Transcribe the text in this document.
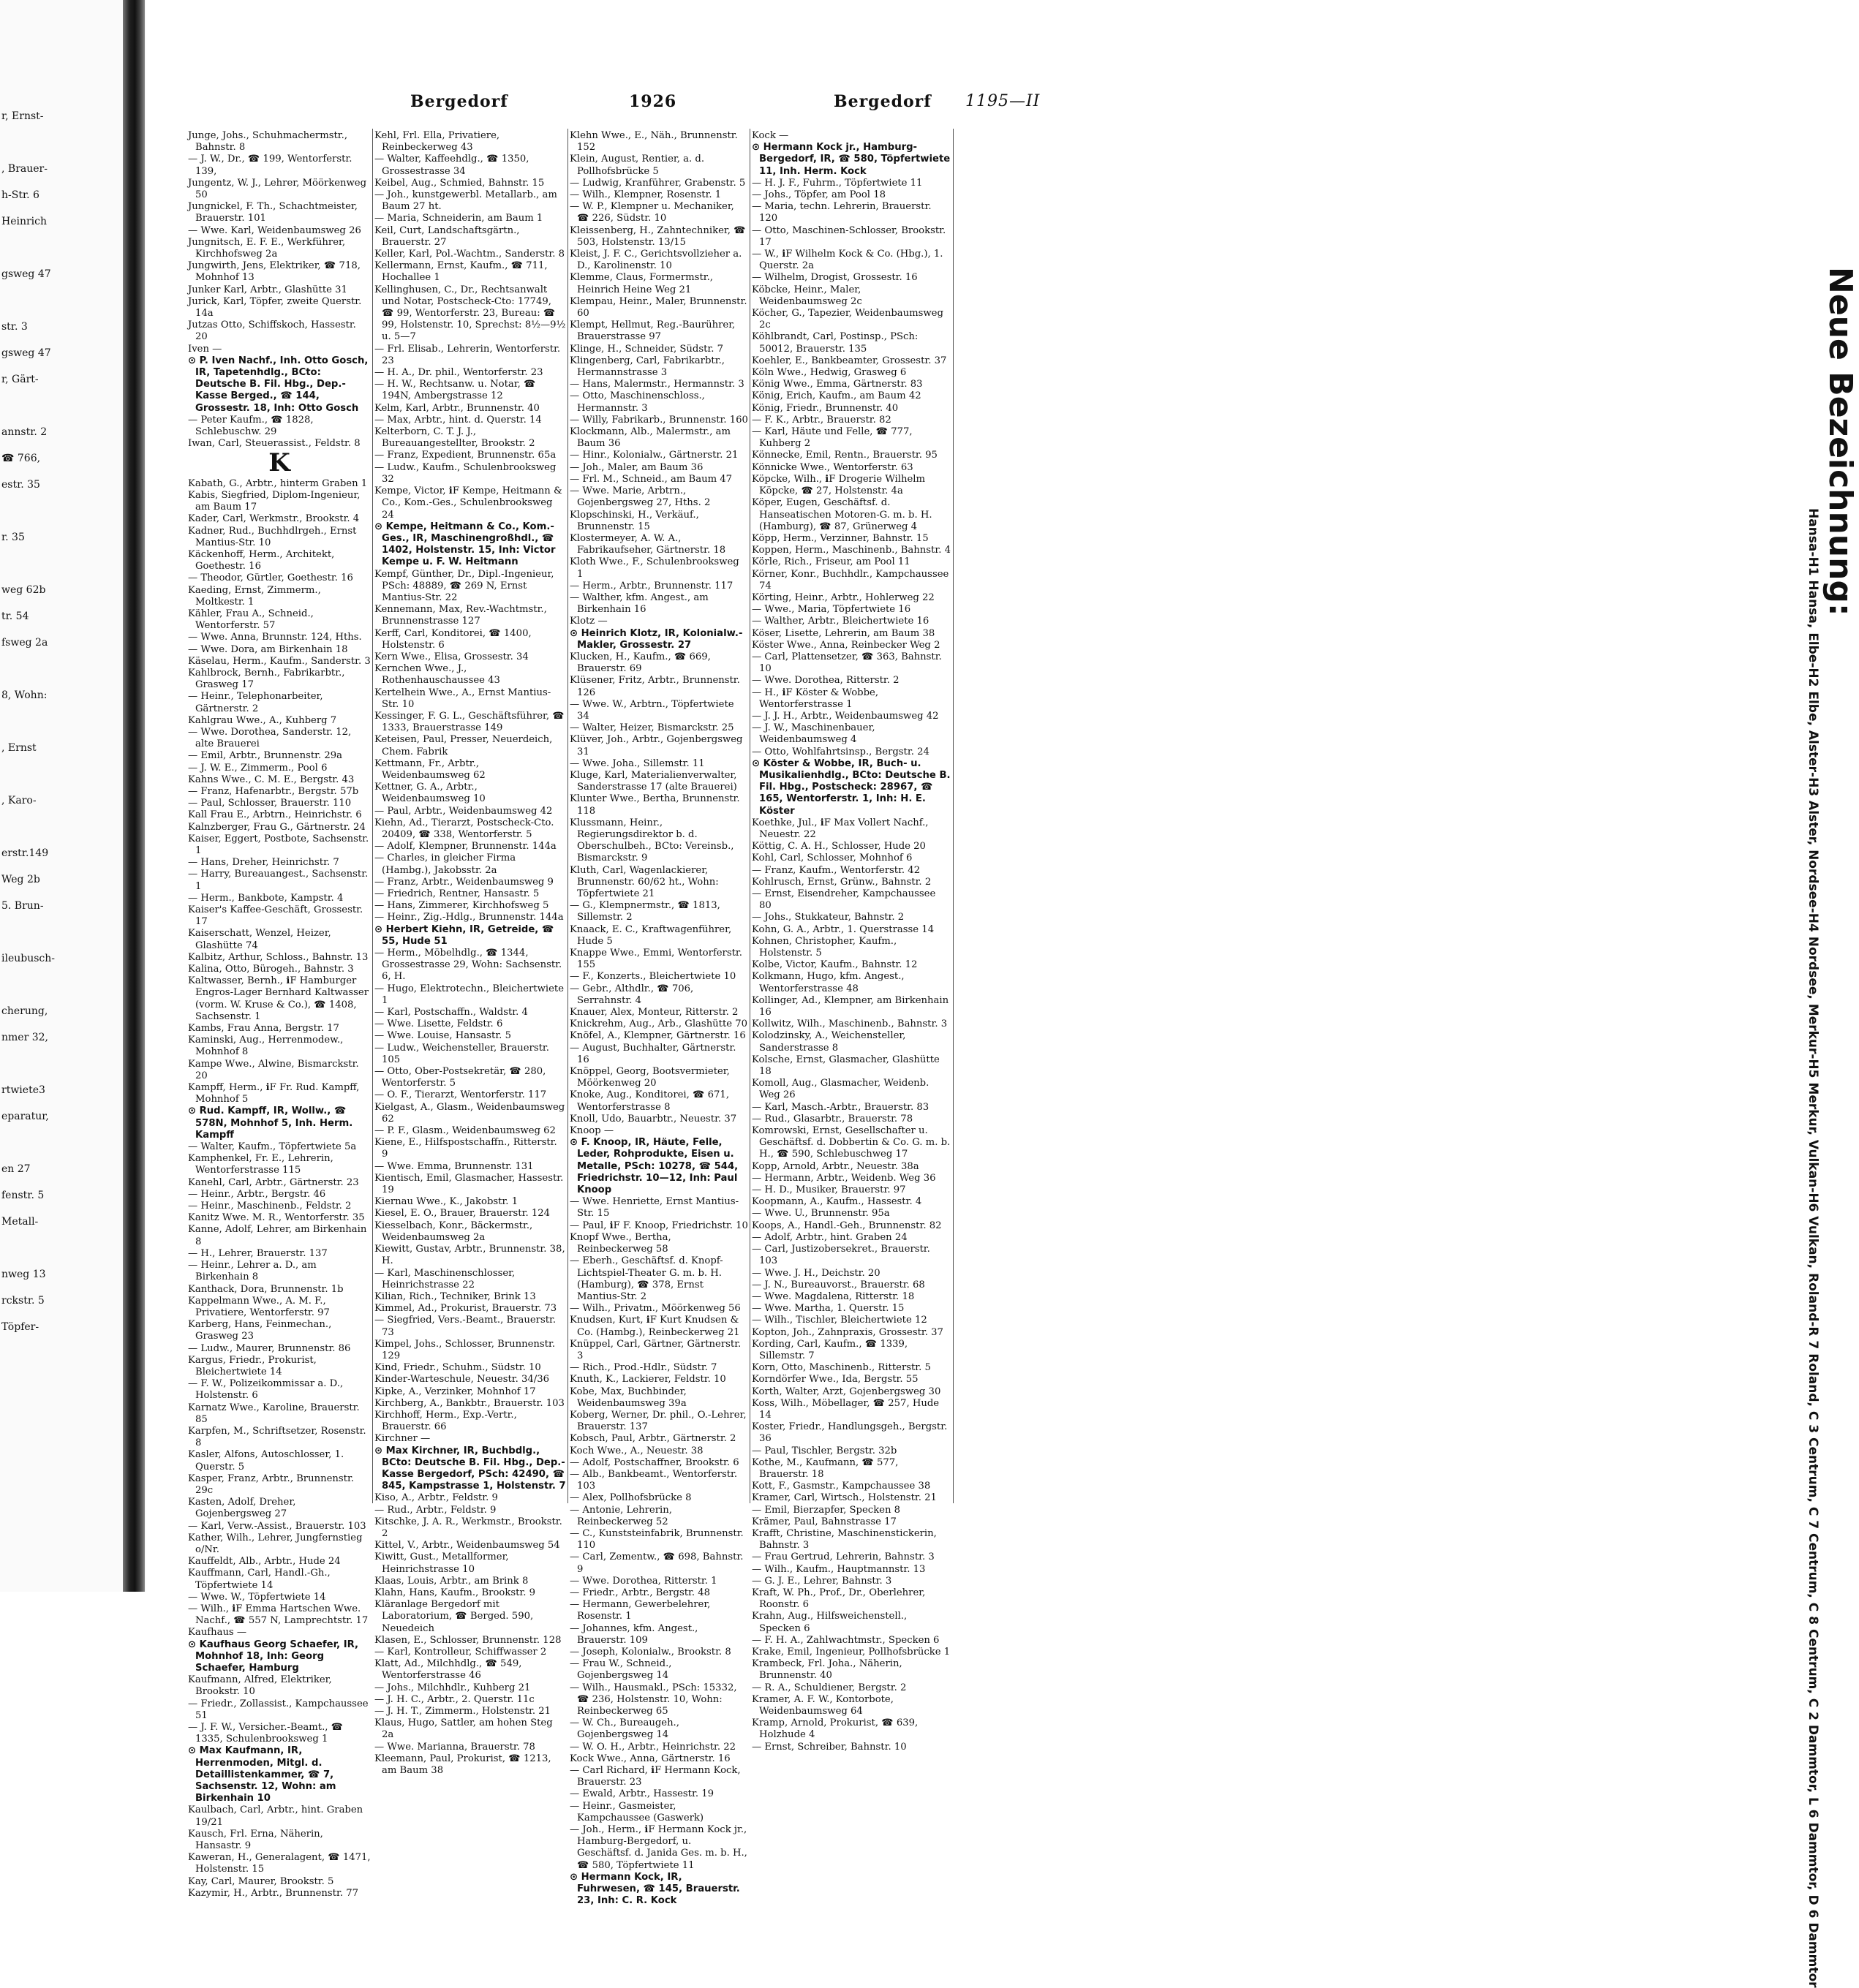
r, Ernst-
, Brauer-
h-Str. 6
Heinrich
gsweg 47
str. 3
gsweg 47
r, Gärt-
annstr. 2
☎ 766,
estr. 35
r. 35
weg 62b
tr. 54
fsweg 2a
8, Wohn:
, Ernst
, Karo-
erstr.149
Weg 2b
5. Brun-
ileubusch-
cherung,
nmer 32,
rtwiete3
eparatur,
en 27
fenstr. 5
Metall-
nweg 13
rckstr. 5
Töpfer-
Bergedorf	1926	Bergedorf 1195—II

Junge, Johs., Schuhmachermstr., Bahnstr. 8

— J. W., Dr., ☎ 199, Wentorferstr. 139,

Jungentz, W. J., Lehrer, Möörkenweg 50

Jungnickel, F. Th., Schachtmeister, Brauerstr. 101

— Wwe. Karl, Weidenbaumsweg 26

Jungnitsch, E. F. E., Werkführer, Kirchhofsweg 2a

Jungwirth, Jens, Elektriker, ☎ 718, Mohnhof 13

Junker Karl, Arbtr., Glashütte 31

Jurick, Karl, Töpfer, zweite Querstr. 14a

Jutzas Otto, Schiffskoch, Hassestr. 20

Iven —

⊙ P. Iven Nachf., Inh. Otto Gosch, IR, Tapetenhdlg., BCto: Deutsche B. Fil. Hbg., Dep.-Kasse Berged., ☎ 144, Grossestr. 18, Inh: Otto Gosch

— Peter Kaufm., ☎ 1828, Schlebuschw. 29

Iwan, Carl, Steuerassist., Feldstr. 8

K

Kabath, G., Arbtr., hinterm Graben 1

Kabis, Siegfried, Diplom-Ingenieur, am Baum 17

Kader, Carl, Werkmstr., Brookstr. 4

Kadner, Rud., Buchhdlrgeh., Ernst Mantius-Str. 10

Käckenhoff, Herm., Architekt, Goethestr. 16

— Theodor, Gürtler, Goethestr. 16

Kaeding, Ernst, Zimmerm., Moltkestr. 1

Kähler, Frau A., Schneid., Wentorferstr. 57

— Wwe. Anna, Brunnstr. 124, Hths.

— Wwe. Dora, am Birkenhain 18

Käselau, Herm., Kaufm., Sanderstr. 3

Kahlbrock, Bernh., Fabrikarbtr., Grasweg 17

— Heinr., Telephonarbeiter, Gärtnerstr. 2

Kahlgrau Wwe., A., Kuhberg 7

— Wwe. Dorothea, Sanderstr. 12, alte Brauerei

— Emil, Arbtr., Brunnenstr. 29a

— J. W. E., Zimmerm., Pool 6

Kahns Wwe., C. M. E., Bergstr. 43

— Franz, Hafenarbtr., Bergstr. 57b

— Paul, Schlosser, Brauerstr. 110

Kall Frau E., Arbtrn., Heinrichstr. 6

Kalnzberger, Frau G., Gärtnerstr. 24

Kaiser, Eggert, Postbote, Sachsenstr. 1

— Hans, Dreher, Heinrichstr. 7

— Harry, Bureauangest., Sachsenstr. 1

— Herm., Bankbote, Kampstr. 4

Kaiser's Kaffee-Geschäft, Grossestr. 17

Kaiserschatt, Wenzel, Heizer, Glashütte 74

Kalbitz, Arthur, Schloss., Bahnstr. 13

Kalina, Otto, Bürogeh., Bahnstr. 3

Kaltwasser, Bernh., ℹF Hamburger Engros-Lager Bernhard Kaltwasser (vorm. W. Kruse & Co.), ☎ 1408, Sachsenstr. 1

Kambs, Frau Anna, Bergstr. 17

Kaminski, Aug., Herrenmodew., Mohnhof 8

Kampe Wwe., Alwine, Bismarckstr. 20

Kampff, Herm., ℹF Fr. Rud. Kampff, Mohnhof 5

⊙ Rud. Kampff, IR, Wollw., ☎ 578N, Mohnhof 5, Inh. Herm. Kampff

— Walter, Kaufm., Töpfertwiete 5a

Kamphenkel, Fr. E., Lehrerin, Wentorferstrasse 115

Kanehl, Carl, Arbtr., Gärtnerstr. 23

— Heinr., Arbtr., Bergstr. 46

— Heinr., Maschinenb., Feldstr. 2

Kanitz Wwe. M. R., Wentorferstr. 35

Kanne, Adolf, Lehrer, am Birkenhain 8

— H., Lehrer, Brauerstr. 137

— Heinr., Lehrer a. D., am Birkenhain 8

Kanthack, Dora, Brunnenstr. 1b

Kappelmann Wwe., A. M. F., Privatiere, Wentorferstr. 97

Karberg, Hans, Feinmechan., Grasweg 23

— Ludw., Maurer, Brunnenstr. 86

Kargus, Friedr., Prokurist, Bleichertwiete 14

— F. W., Polizeikommissar a. D., Holstenstr. 6

Karnatz Wwe., Karoline, Brauerstr. 85

Karpfen, M., Schriftsetzer, Rosenstr. 8

Kasler, Alfons, Autoschlosser, 1. Querstr. 5

Kasper, Franz, Arbtr., Brunnenstr. 29c

Kasten, Adolf, Dreher, Gojenbergsweg 27

— Karl, Verw.-Assist., Brauerstr. 103

Kather, Wilh., Lehrer, Jungfernstieg o/Nr.

Kauffeldt, Alb., Arbtr., Hude 24

Kauffmann, Carl, Handl.-Gh., Töpfertwiete 14

— Wwe. W., Töpfertwiete 14

— Wilh., ℹF Emma Hartschen Wwe. Nachf., ☎ 557 N, Lamprechtstr. 17

Kaufhaus —

⊙ Kaufhaus Georg Schaefer, IR, Mohnhof 18, Inh: Georg Schaefer, Hamburg

Kaufmann, Alfred, Elektriker, Brookstr. 10

— Friedr., Zollassist., Kampchaussee 51

— J. F. W., Versicher.-Beamt., ☎ 1335, Schulenbrooksweg 1

⊙ Max Kaufmann, IR, Herrenmoden, Mitgl. d. Detaillistenkammer, ☎ 7, Sachsenstr. 12, Wohn: am Birkenhain 10

Kaulbach, Carl, Arbtr., hint. Graben 19/21

Kausch, Frl. Erna, Näherin, Hansastr. 9

Kaweran, H., Generalagent, ☎ 1471, Holstenstr. 15

Kay, Carl, Maurer, Brookstr. 5

Kazymir, H., Arbtr., Brunnenstr. 77

Kehl, Frl. Ella, Privatiere, Reinbeckerweg 43

— Walter, Kaffeehdlg., ☎ 1350, Grossestrasse 34

Keibel, Aug., Schmied, Bahnstr. 15

— Joh., kunstgewerbl. Metallarb., am Baum 27 ht.

— Maria, Schneiderin, am Baum 1

Keil, Curt, Landschaftsgärtn., Brauerstr. 27

Keller, Karl, Pol.-Wachtm., Sanderstr. 8

Kellermann, Ernst, Kaufm., ☎ 711, Hochallee 1

Kellinghusen, C., Dr., Rechtsanwalt und Notar, Postscheck-Cto: 17749, ☎ 99, Wentorferstr. 23, Bureau: ☎ 99, Holstenstr. 10, Sprechst: 8½—9½ u. 5—7

— Frl. Elisab., Lehrerin, Wentorferstr. 23

— H. A., Dr. phil., Wentorferstr. 23

— H. W., Rechtsanw. u. Notar, ☎ 194N, Ambergstrasse 12

Kelm, Karl, Arbtr., Brunnenstr. 40

— Max, Arbtr., hint. d. Querstr. 14

Kelterborn, C. T. J. J., Bureauangestellter, Brookstr. 2

— Franz, Expedient, Brunnenstr. 65a

— Ludw., Kaufm., Schulenbrooksweg 32

Kempe, Victor, ℹF Kempe, Heitmann & Co., Kom.-Ges., Schulenbrooksweg 24

⊙ Kempe, Heitmann & Co., Kom.-Ges., IR, Maschinengroßhdl., ☎ 1402, Holstenstr. 15, Inh: Victor Kempe u. F. W. Heitmann

Kempf, Günther, Dr., Dipl.-Ingenieur, PSch: 48889, ☎ 269 N, Ernst Mantius-Str. 22

Kennemann, Max, Rev.-Wachtmstr., Brunnenstrasse 127

Kerff, Carl, Konditorei, ☎ 1400, Holstenstr. 6

Kern Wwe., Elisa, Grossestr. 34

Kernchen Wwe., J., Rothenhauschaussee 43

Kertelhein Wwe., A., Ernst Mantius-Str. 10

Kessinger, F. G. L., Geschäftsführer, ☎ 1333, Brauerstrasse 149

Keteisen, Paul, Presser, Neuerdeich, Chem. Fabrik

Kettmann, Fr., Arbtr., Weidenbaumsweg 62

Kettner, G. A., Arbtr., Weidenbaumsweg 10

— Paul, Arbtr., Weidenbaumsweg 42

Kiehn, Ad., Tierarzt, Postscheck-Cto. 20409, ☎ 338, Wentorferstr. 5

— Adolf, Klempner, Brunnenstr. 144a

— Charles, in gleicher Firma (Hambg.), Jakobsstr. 2a

— Franz, Arbtr., Weidenbaumsweg 9

— Friedrich, Rentner, Hansastr. 5

— Hans, Zimmerer, Kirchhofsweg 5

— Heinr., Zig.-Hdlg., Brunnenstr. 144a

⊙ Herbert Kiehn, IR, Getreide, ☎ 55, Hude 51

— Herm., Möbelhdlg., ☎ 1344, Grossestrasse 29, Wohn: Sachsenstr. 6, H.

— Hugo, Elektrotechn., Bleichertwiete 1

— Karl, Postschaffn., Waldstr. 4

— Wwe. Lisette, Feldstr. 6

— Wwe. Louise, Hansastr. 5

— Ludw., Weichensteller, Brauerstr. 105

— Otto, Ober-Postsekretär, ☎ 280, Wentorferstr. 5

— O. F., Tierarzt, Wentorferstr. 117

Kielgast, A., Glasm., Weidenbaumsweg 62

— P. F., Glasm., Weidenbaumsweg 62

Kiene, E., Hilfspostschaffn., Ritterstr. 9

— Wwe. Emma, Brunnenstr. 131

Kientisch, Emil, Glasmacher, Hassestr. 19

Kiernau Wwe., K., Jakobstr. 1

Kiesel, E. O., Brauer, Brauerstr. 124

Kiesselbach, Konr., Bäckermstr., Weidenbaumsweg 2a

Kiewitt, Gustav, Arbtr., Brunnenstr. 38, H.

— Karl, Maschinenschlosser, Heinrichstrasse 22

Kilian, Rich., Techniker, Brink 13

Kimmel, Ad., Prokurist, Brauerstr. 73

— Siegfried, Vers.-Beamt., Brauerstr. 73

Kimpel, Johs., Schlosser, Brunnenstr. 129

Kind, Friedr., Schuhm., Südstr. 10

Kinder-Warteschule, Neuestr. 34/36

Kipke, A., Verzinker, Mohnhof 17

Kirchberg, A., Bankbtr., Brauerstr. 103

Kirchhoff, Herm., Exp.-Vertr., Brauerstr. 66

Kirchner —

⊙ Max Kirchner, IR, Buchbdlg., BCto: Deutsche B. Fil. Hbg., Dep.-Kasse Bergedorf, PSch: 42490, ☎ 845, Kampstrasse 1, Holstenstr. 7

Kiso, A., Arbtr., Feldstr. 9

— Rud., Arbtr., Feldstr. 9

Kitschke, J. A. R., Werkmstr., Brookstr. 2

Kittel, V., Arbtr., Weidenbaumsweg 54

Kiwitt, Gust., Metallformer, Heinrichstrasse 10

Klaas, Louis, Arbtr., am Brink 8

Klahn, Hans, Kaufm., Brookstr. 9

Kläranlage Bergedorf mit Laboratorium, ☎ Berged. 590, Neuedeich

Klasen, E., Schlosser, Brunnenstr. 128

— Karl, Kontrolleur, Schiffwasser 2

Klatt, Ad., Milchhdlg., ☎ 549, Wentorferstrasse 46

— Johs., Milchhdlr., Kuhberg 21

— J. H. C., Arbtr., 2. Querstr. 11c

— J. H. T., Zimmerm., Holstenstr. 21

Klaus, Hugo, Sattler, am hohen Steg 2a

— Wwe. Marianna, Brauerstr. 78

Kleemann, Paul, Prokurist, ☎ 1213, am Baum 38

Klehn Wwe., E., Näh., Brunnenstr. 152

Klein, August, Rentier, a. d. Pollhofsbrücke 5

— Ludwig, Kranführer, Grabenstr. 5

— Wilh., Klempner, Rosenstr. 1

— W. P., Klempner u. Mechaniker, ☎ 226, Südstr. 10

Kleissenberg, H., Zahntechniker, ☎ 503, Holstenstr. 13/15

Kleist, J. F. C., Gerichtsvollzieher a. D., Karolinenstr. 10

Klemme, Claus, Formermstr., Heinrich Heine Weg 21

Klempau, Heinr., Maler, Brunnenstr. 60

Klempt, Hellmut, Reg.-Baurührer, Brauerstrasse 97

Klinge, H., Schneider, Südstr. 7

Klingenberg, Carl, Fabrikarbtr., Hermannstrasse 3

— Hans, Malermstr., Hermannstr. 3

— Otto, Maschinenschloss., Hermannstr. 3

— Willy, Fabrikarb., Brunnenstr. 160

Klockmann, Alb., Malermstr., am Baum 36

— Hinr., Kolonialw., Gärtnerstr. 21

— Joh., Maler, am Baum 36

— Frl. M., Schneid., am Baum 47

— Wwe. Marie, Arbtrn., Gojenbergsweg 27, Hths. 2

Klopschinski, H., Verkäuf., Brunnenstr. 15

Klostermeyer, A. W. A., Fabrikaufseher, Gärtnerstr. 18

Kloth Wwe., F., Schulenbrooksweg 1

— Herm., Arbtr., Brunnenstr. 117

— Walther, kfm. Angest., am Birkenhain 16

Klotz —

⊙ Heinrich Klotz, IR, Kolonialw.-Makler, Grossestr. 27

Klucken, H., Kaufm., ☎ 669, Brauerstr. 69

Klüsener, Fritz, Arbtr., Brunnenstr. 126

— Wwe. W., Arbtrn., Töpfertwiete 34

— Walter, Heizer, Bismarckstr. 25

Klüver, Joh., Arbtr., Gojenbergsweg 31

— Wwe. Joha., Sillemstr. 11

Kluge, Karl, Materialienverwalter, Sanderstrasse 17 (alte Brauerei)

Klunter Wwe., Bertha, Brunnenstr. 118

Klussmann, Heinr., Regierungsdirektor b. d. Oberschulbeh., BCto: Vereinsb., Bismarckstr. 9

Kluth, Carl, Wagenlackierer, Brunnenstr. 60/62 ht., Wohn: Töpfertwiete 21

— G., Klempnermstr., ☎ 1813, Sillemstr. 2

Knaack, E. C., Kraftwagenführer, Hude 5

Knappe Wwe., Emmi, Wentorferstr. 155

— F., Konzerts., Bleichertwiete 10

— Gebr., Althdlr., ☎ 706, Serrahnstr. 4

Knauer, Alex, Monteur, Ritterstr. 2

Knickrehm, Aug., Arb., Glashütte 70

Knöfel, A., Klempner, Gärtnerstr. 16

— August, Buchhalter, Gärtnerstr. 16

Knöppel, Georg, Bootsvermieter, Möörkenweg 20

Knoke, Aug., Konditorei, ☎ 671, Wentorferstrasse 8

Knoll, Udo, Bauarbtr., Neuestr. 37

Knoop —

⊙ F. Knoop, IR, Häute, Felle, Leder, Rohprodukte, Eisen u. Metalle, PSch: 10278, ☎ 544, Friedrichstr. 10—12, Inh: Paul Knoop

— Wwe. Henriette, Ernst Mantius-Str. 15

— Paul, ℹF F. Knoop, Friedrichstr. 10

Knopf Wwe., Bertha, Reinbeckerweg 58

— Eberh., Geschäftsf. d. Knopf-Lichtspiel-Theater G. m. b. H. (Hamburg), ☎ 378, Ernst Mantius-Str. 2

— Wilh., Privatm., Möörkenweg 56

Knudsen, Kurt, ℹF Kurt Knudsen & Co. (Hambg.), Reinbeckerweg 21

Knüppel, Carl, Gärtner, Gärtnerstr. 3

— Rich., Prod.-Hdlr., Südstr. 7

Knuth, K., Lackierer, Feldstr. 10

Kobe, Max, Buchbinder, Weidenbaumsweg 39a

Koberg, Werner, Dr. phil., O.-Lehrer, Brauerstr. 137

Kobsch, Paul, Arbtr., Gärtnerstr. 2

Koch Wwe., A., Neuestr. 38

— Adolf, Postschaffner, Brookstr. 6

— Alb., Bankbeamt., Wentorferstr. 103

— Alex, Pollhofsbrücke 8

— Antonie, Lehrerin, Reinbeckerweg 52

— C., Kunststeinfabrik, Brunnenstr. 110

— Carl, Zementw., ☎ 698, Bahnstr. 9

— Wwe. Dorothea, Ritterstr. 1

— Friedr., Arbtr., Bergstr. 48

— Hermann, Gewerbelehrer, Rosenstr. 1

— Johannes, kfm. Angest., Brauerstr. 109

— Joseph, Kolonialw., Brookstr. 8

— Frau W., Schneid., Gojenbergsweg 14

— Wilh., Hausmakl., PSch: 15332, ☎ 236, Holstenstr. 10, Wohn: Reinbeckerweg 65

— W. Ch., Bureaugeh., Gojenbergsweg 14

— W. O. H., Arbtr., Heinrichstr. 22

Kock Wwe., Anna, Gärtnerstr. 16

— Carl Richard, ℹF Hermann Kock, Brauerstr. 23

— Ewald, Arbtr., Hassestr. 19

— Heinr., Gasmeister, Kampchaussee (Gaswerk)

— Joh., Herm., ℹF Hermann Kock jr., Hamburg-Bergedorf, u. Geschäftsf. d. Janida Ges. m. b. H., ☎ 580, Töpfertwiete 11

⊙ Hermann Kock, IR, Fuhrwesen, ☎ 145, Brauerstr. 23, Inh: C. R. Kock

Kock —

⊙ Hermann Kock jr., Hamburg-Bergedorf, IR, ☎ 580, Töpfertwiete 11, Inh. Herm. Kock

— H. J. F., Fuhrm., Töpfertwiete 11

— Johs., Töpfer, am Pool 18

— Maria, techn. Lehrerin, Brauerstr. 120

— Otto, Maschinen-Schlosser, Brookstr. 17

— W., ℹF Wilhelm Kock & Co. (Hbg.), 1. Querstr. 2a

— Wilhelm, Drogist, Grossestr. 16

Köbcke, Heinr., Maler, Weidenbaumsweg 2c

Köcher, G., Tapezier, Weidenbaumsweg 2c

Köhlbrandt, Carl, Postinsp., PSch: 50012, Brauerstr. 135

Koehler, E., Bankbeamter, Grossestr. 37

Köln Wwe., Hedwig, Grasweg 6

König Wwe., Emma, Gärtnerstr. 83

König, Erich, Kaufm., am Baum 42

König, Friedr., Brunnenstr. 40

— F. K., Arbtr., Brauerstr. 82

— Karl, Häute und Felle, ☎ 777, Kuhberg 2

Könnecke, Emil, Rentn., Brauerstr. 95

Könnicke Wwe., Wentorferstr. 63

Köpcke, Wilh., ℹF Drogerie Wilhelm Köpcke, ☎ 27, Holstenstr. 4a

Köper, Eugen, Geschäftsf. d. Hanseatischen Motoren-G. m. b. H. (Hamburg), ☎ 87, Grünerweg 4

Köpp, Herm., Verzinner, Bahnstr. 15

Koppen, Herm., Maschinenb., Bahnstr. 4

Körle, Rich., Friseur, am Pool 11

Körner, Konr., Buchhdlr., Kampchaussee 74

Körting, Heinr., Arbtr., Hohlerweg 22

— Wwe., Maria, Töpfertwiete 16

— Walther, Arbtr., Bleichertwiete 16

Köser, Lisette, Lehrerin, am Baum 38

Köster Wwe., Anna, Reinbecker Weg 2

— Carl, Plattensetzer, ☎ 363, Bahnstr. 10

— Wwe. Dorothea, Ritterstr. 2

— H., ℹF Köster & Wobbe, Wentorferstrasse 1

— J. J. H., Arbtr., Weidenbaumsweg 42

— J. W., Maschinenbauer, Weidenbaumsweg 4

— Otto, Wohlfahrtsinsp., Bergstr. 24

⊙ Köster & Wobbe, IR, Buch- u. Musikalienhdlg., BCto: Deutsche B. Fil. Hbg., Postscheck: 28967, ☎ 165, Wentorferstr. 1, Inh: H. E. Köster

Koethke, Jul., ℹF Max Vollert Nachf., Neuestr. 22

Köttig, C. A. H., Schlosser, Hude 20

Kohl, Carl, Schlosser, Mohnhof 6

— Franz, Kaufm., Wentorferstr. 42

Kohlrusch, Ernst, Grünw., Bahnstr. 2

— Ernst, Eisendreher, Kampchaussee 80

— Johs., Stukkateur, Bahnstr. 2

Kohn, G. A., Arbtr., 1. Querstrasse 14

Kohnen, Christopher, Kaufm., Holstenstr. 5

Kolbe, Victor, Kaufm., Bahnstr. 12

Kolkmann, Hugo, kfm. Angest., Wentorferstrasse 48

Kollinger, Ad., Klempner, am Birkenhain 16

Kollwitz, Wilh., Maschinenb., Bahnstr. 3

Kolodzinsky, A., Weichensteller, Sanderstrasse 8

Kolsche, Ernst, Glasmacher, Glashütte 18

Komoll, Aug., Glasmacher, Weidenb. Weg 26

— Karl, Masch.-Arbtr., Brauerstr. 83

— Rud., Glasarbtr., Brauerstr. 78

Komrowski, Ernst, Gesellschafter u. Geschäftsf. d. Dobbertin & Co. G. m. b. H., ☎ 590, Schlebuschweg 17

Kopp, Arnold, Arbtr., Neuestr. 38a

— Hermann, Arbtr., Weidenb. Weg 36

— H. D., Musiker, Brauerstr. 97

Koopmann, A., Kaufm., Hassestr. 4

— Wwe. U., Brunnenstr. 95a

Koops, A., Handl.-Geh., Brunnenstr. 82

— Adolf, Arbtr., hint. Graben 24

— Carl, Justizobersekret., Brauerstr. 103

— Wwe. J. H., Deichstr. 20

— J. N., Bureauvorst., Brauerstr. 68

— Wwe. Magdalena, Ritterstr. 18

— Wwe. Martha, 1. Querstr. 15

— Wilh., Tischler, Bleichertwiete 12

Kopton, Joh., Zahnpraxis, Grossestr. 37

Kording, Carl, Kaufm., ☎ 1339, Sillemstr. 7

Korn, Otto, Maschinenb., Ritterstr. 5

Korndörfer Wwe., Ida, Bergstr. 55

Korth, Walter, Arzt, Gojenbergsweg 30

Koss, Wilh., Möbellager, ☎ 257, Hude 14

Koster, Friedr., Handlungsgeh., Bergstr. 36

— Paul, Tischler, Bergstr. 32b

Kothe, M., Kaufmann, ☎ 577, Brauerstr. 18

Kott, F., Gasmstr., Kampchaussee 38

Kramer, Carl, Wirtsch., Holstenstr. 21

— Emil, Bierzapfer, Specken 8

Krämer, Paul, Bahnstrasse 17

Krafft, Christine, Maschinenstickerin, Bahnstr. 3

— Frau Gertrud, Lehrerin, Bahnstr. 3

— Wilh., Kaufm., Hauptmannstr. 13

— G. J. E., Lehrer, Bahnstr. 3

Kraft, W. Ph., Prof., Dr., Oberlehrer, Roonstr. 6

Krahn, Aug., Hilfsweichenstell., Specken 6

— F. H. A., Zahlwachtmstr., Specken 6

Krake, Emil, Ingenieur, Pollhofsbrücke 1

Krambeck, Frl. Joha., Näherin, Brunnenstr. 40

— R. A., Schuldiener, Bergstr. 2

Kramer, A. F. W., Kontorbote, Weidenbaumsweg 64

Kramp, Arnold, Prokurist, ☎ 639, Holzhude 4

— Ernst, Schreiber, Bahnstr. 10

Neue Bezeichnung:
Hansa-H1 Hansa, Elbe-H2 Elbe, Alster-H3 Alster, Nordsee-H4 Nordsee, Merkur-H5 Merkur, Vulkan-H6 Vulkan, Roland-R 7 Roland, C 3 Centrum, C 7 Centrum, C 8 Centrum, C 2 Dammtor, L 6 Dammtor, D 6 Dammtor
